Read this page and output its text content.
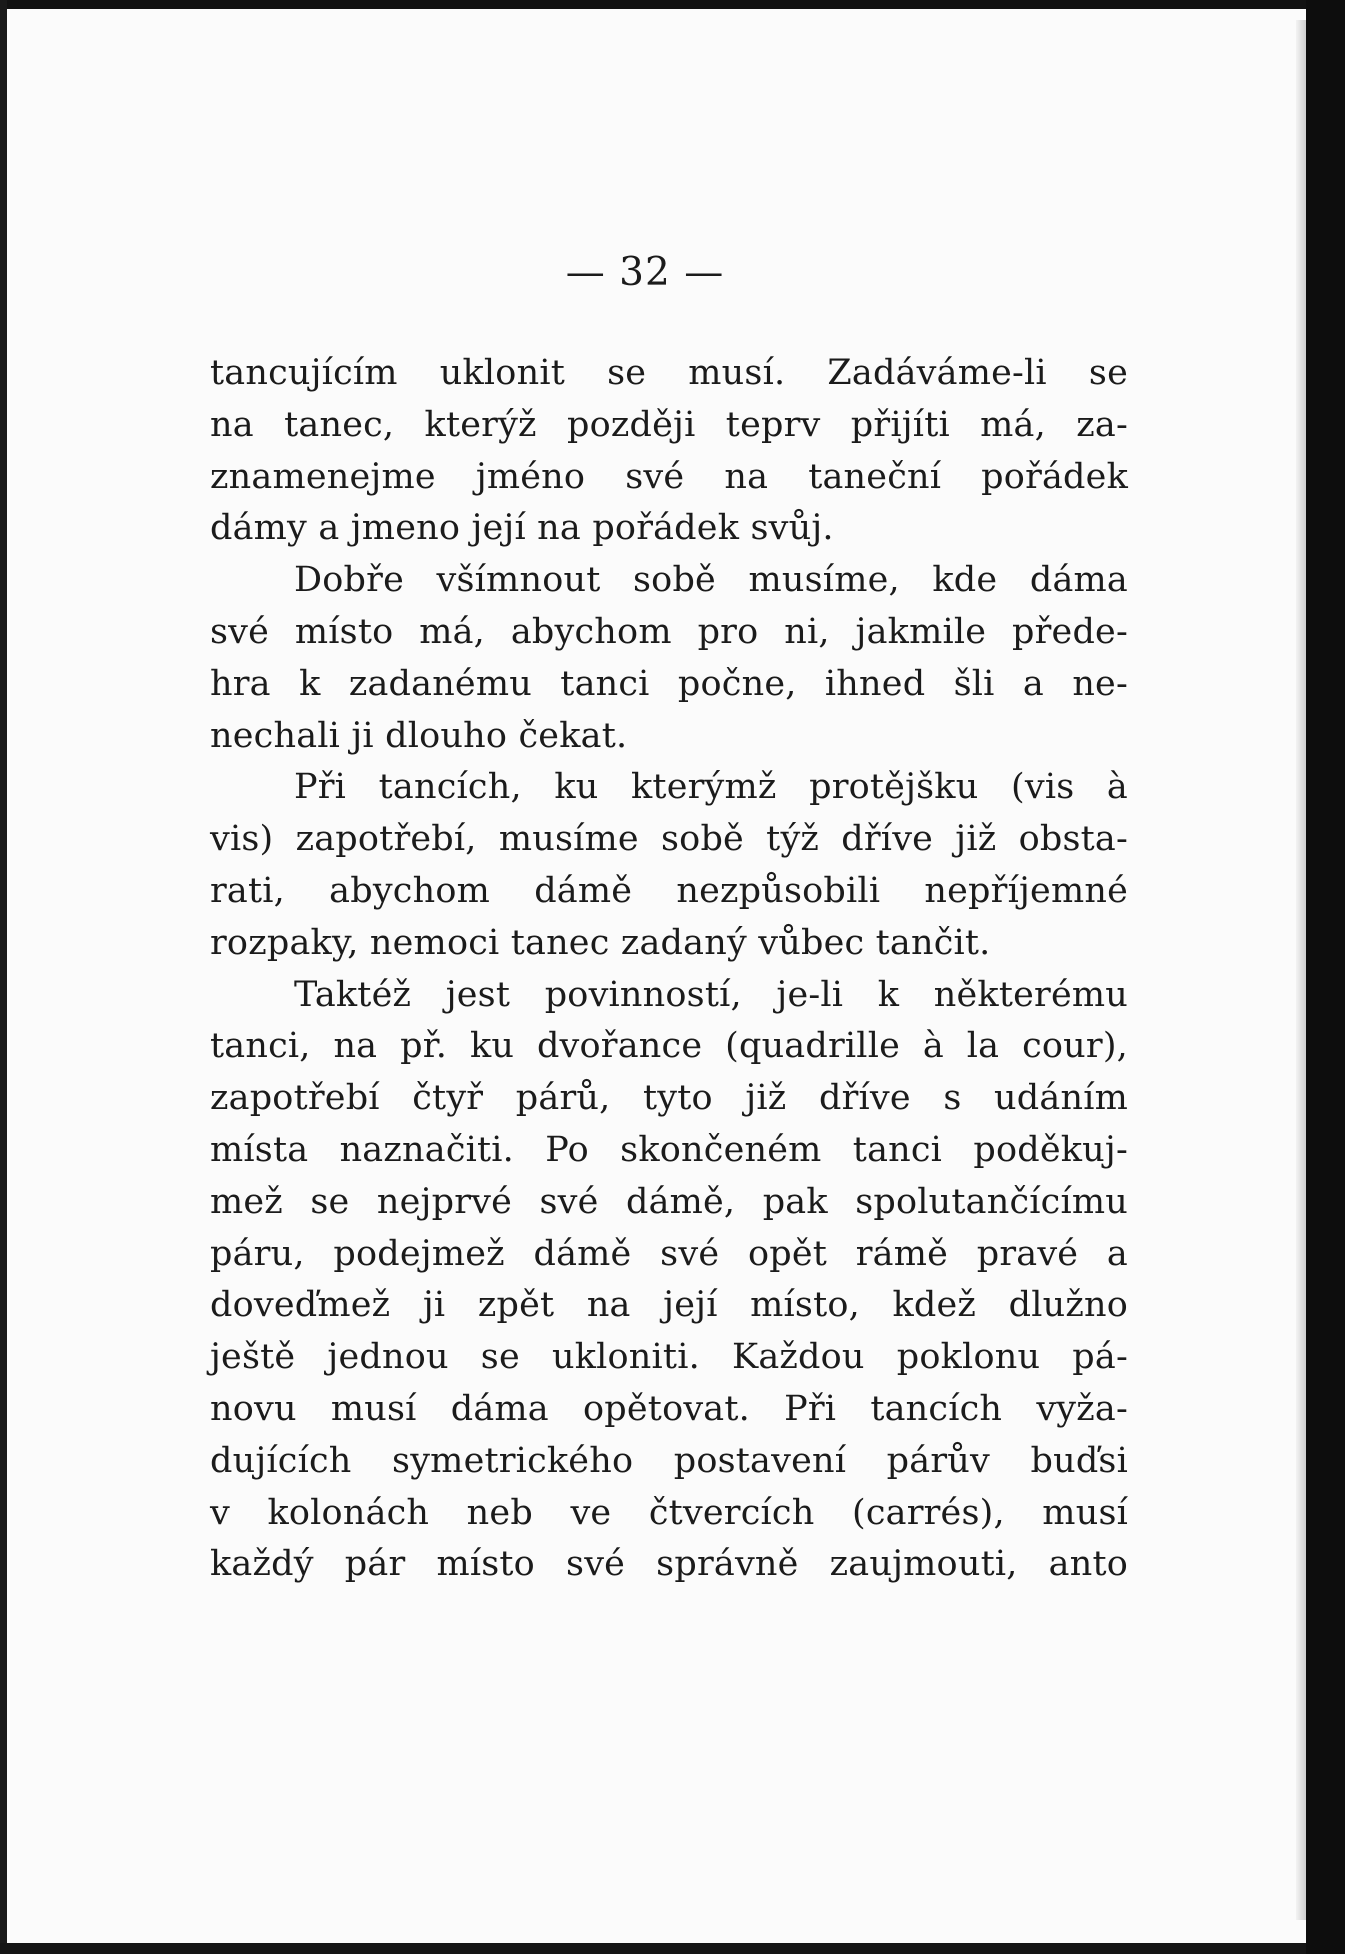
— 32 —
tancujícím uklonit se musí. Zadáváme-li se
na tanec, kterýž později teprv přijíti má, za-
znamenejme jméno své na taneční pořádek
dámy a jmeno její na pořádek svůj.
Dobře všímnout sobě musíme, kde dáma
své místo má, abychom pro ni, jakmile přede-
hra k zadanému tanci počne, ihned šli a ne-
nechali ji dlouho čekat.
Při tancích, ku kterýmž protějšku (vis à
vis) zapotřebí, musíme sobě týž dříve již obsta-
rati, abychom dámě nezpůsobili nepříjemné
rozpaky, nemoci tanec zadaný vůbec tančit.
Taktéž jest povinností, je-li k některému
tanci, na př. ku dvořance (quadrille à la cour),
zapotřebí čtyř párů, tyto již dříve s udáním
místa naznačiti. Po skončeném tanci poděkuj-
mež se nejprvé své dámě, pak spolutančícímu
páru, podejmež dámě své opět rámě pravé a
doveďmež ji zpět na její místo, kdež dlužno
ještě jednou se ukloniti. Každou poklonu pá-
novu musí dáma opětovat. Při tancích vyža-
dujících symetrického postavení párův buďsi
v kolonách neb ve čtvercích (carrés), musí
každý pár místo své správně zaujmouti, anto
